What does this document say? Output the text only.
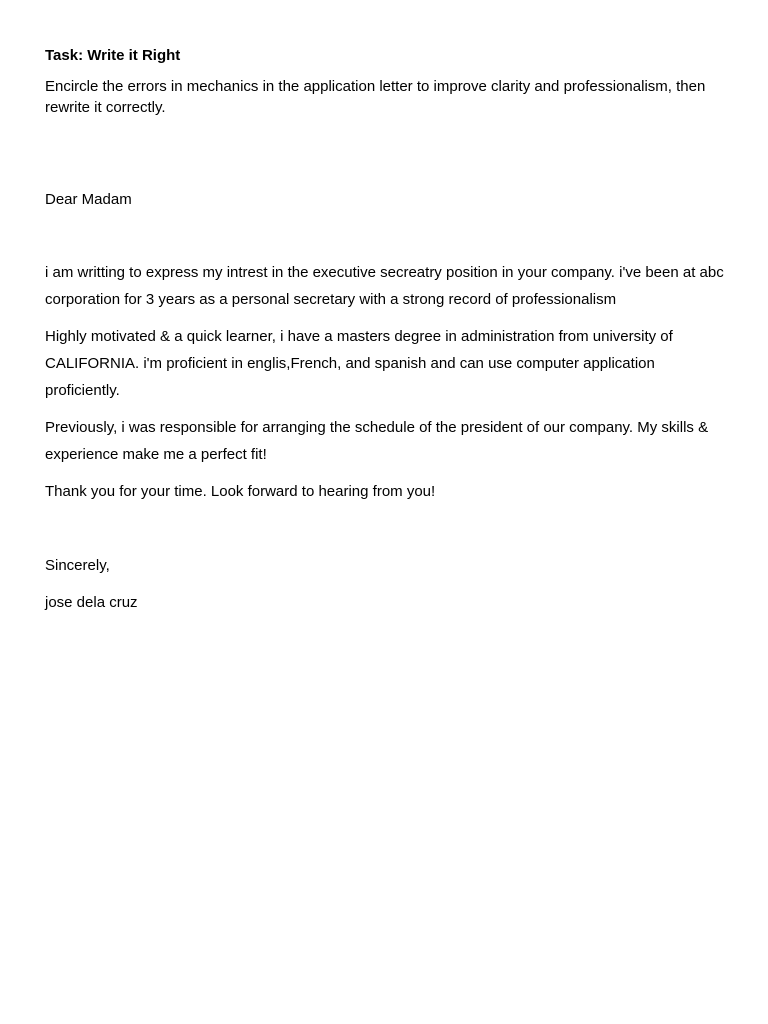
Task: Write it Right

Encircle the errors in mechanics in the application letter to improve clarity and professionalism, then rewrite it correctly.

Dear Madam

i am writting to express my intrest in the executive secreatry position in your company. i've been at abc corporation for 3 years as a personal secretary with a strong record of professionalism

Highly motivated & a quick learner, i have a masters degree in administration from university of CALIFORNIA. i'm proficient in englis,French, and spanish and can use computer application proficiently.

Previously, i was responsible for arranging the schedule of the president of our company. My skills & experience make me a perfect fit!

Thank you for your time. Look forward to hearing from you!

Sincerely,

jose dela cruz
